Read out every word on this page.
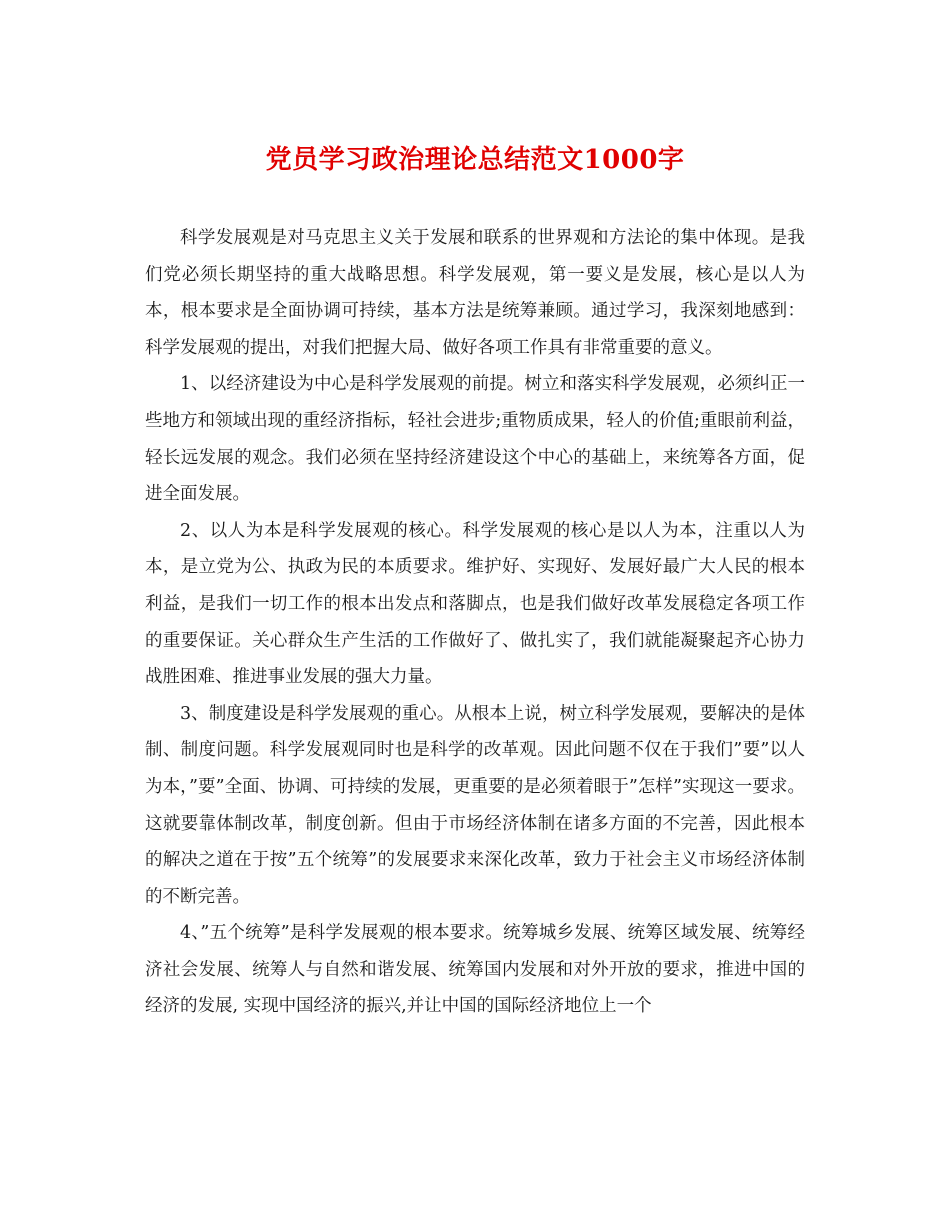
党员学习政治理论总结范文1000字

科学发展观是对马克思主义关于发展和联系的世界观和方法论的集中体现。是我们党必须长期坚持的重大战略思想。科学发展观，第一要义是发展，核心是以人为本，根本要求是全面协调可持续，基本方法是统筹兼顾。通过学习，我深刻地感到：科学发展观的提出，对我们把握大局、做好各项工作具有非常重要的意义。

1、以经济建设为中心是科学发展观的前提。树立和落实科学发展观，必须纠正一些地方和领域出现的重经济指标，轻社会进步;重物质成果，轻人的价值;重眼前利益，轻长远发展的观念。我们必须在坚持经济建设这个中心的基础上，来统筹各方面，促进全面发展。

2、以人为本是科学发展观的核心。科学发展观的核心是以人为本，注重以人为本，是立党为公、执政为民的本质要求。维护好、实现好、发展好最广大人民的根本利益，是我们一切工作的根本出发点和落脚点，也是我们做好改革发展稳定各项工作的重要保证。关心群众生产生活的工作做好了、做扎实了，我们就能凝聚起齐心协力战胜困难、推进事业发展的强大力量。

3、制度建设是科学发展观的重心。从根本上说，树立科学发展观，要解决的是体制、制度问题。科学发展观同时也是科学的改革观。因此问题不仅在于我们”要”以人为本，”要”全面、协调、可持续的发展，更重要的是必须着眼于”怎样”实现这一要求。这就要靠体制改革，制度创新。但由于市场经济体制在诸多方面的不完善，因此根本的解决之道在于按”五个统筹”的发展要求来深化改革，致力于社会主义市场经济体制的不断完善。

4、”五个统筹”是科学发展观的根本要求。统筹城乡发展、统筹区域发展、统筹经济社会发展、统筹人与自然和谐发展、统筹国内发展和对外开放的要求，推进中国的经济的发展, 实现中国经济的振兴,并让中国的国际经济地位上一个
